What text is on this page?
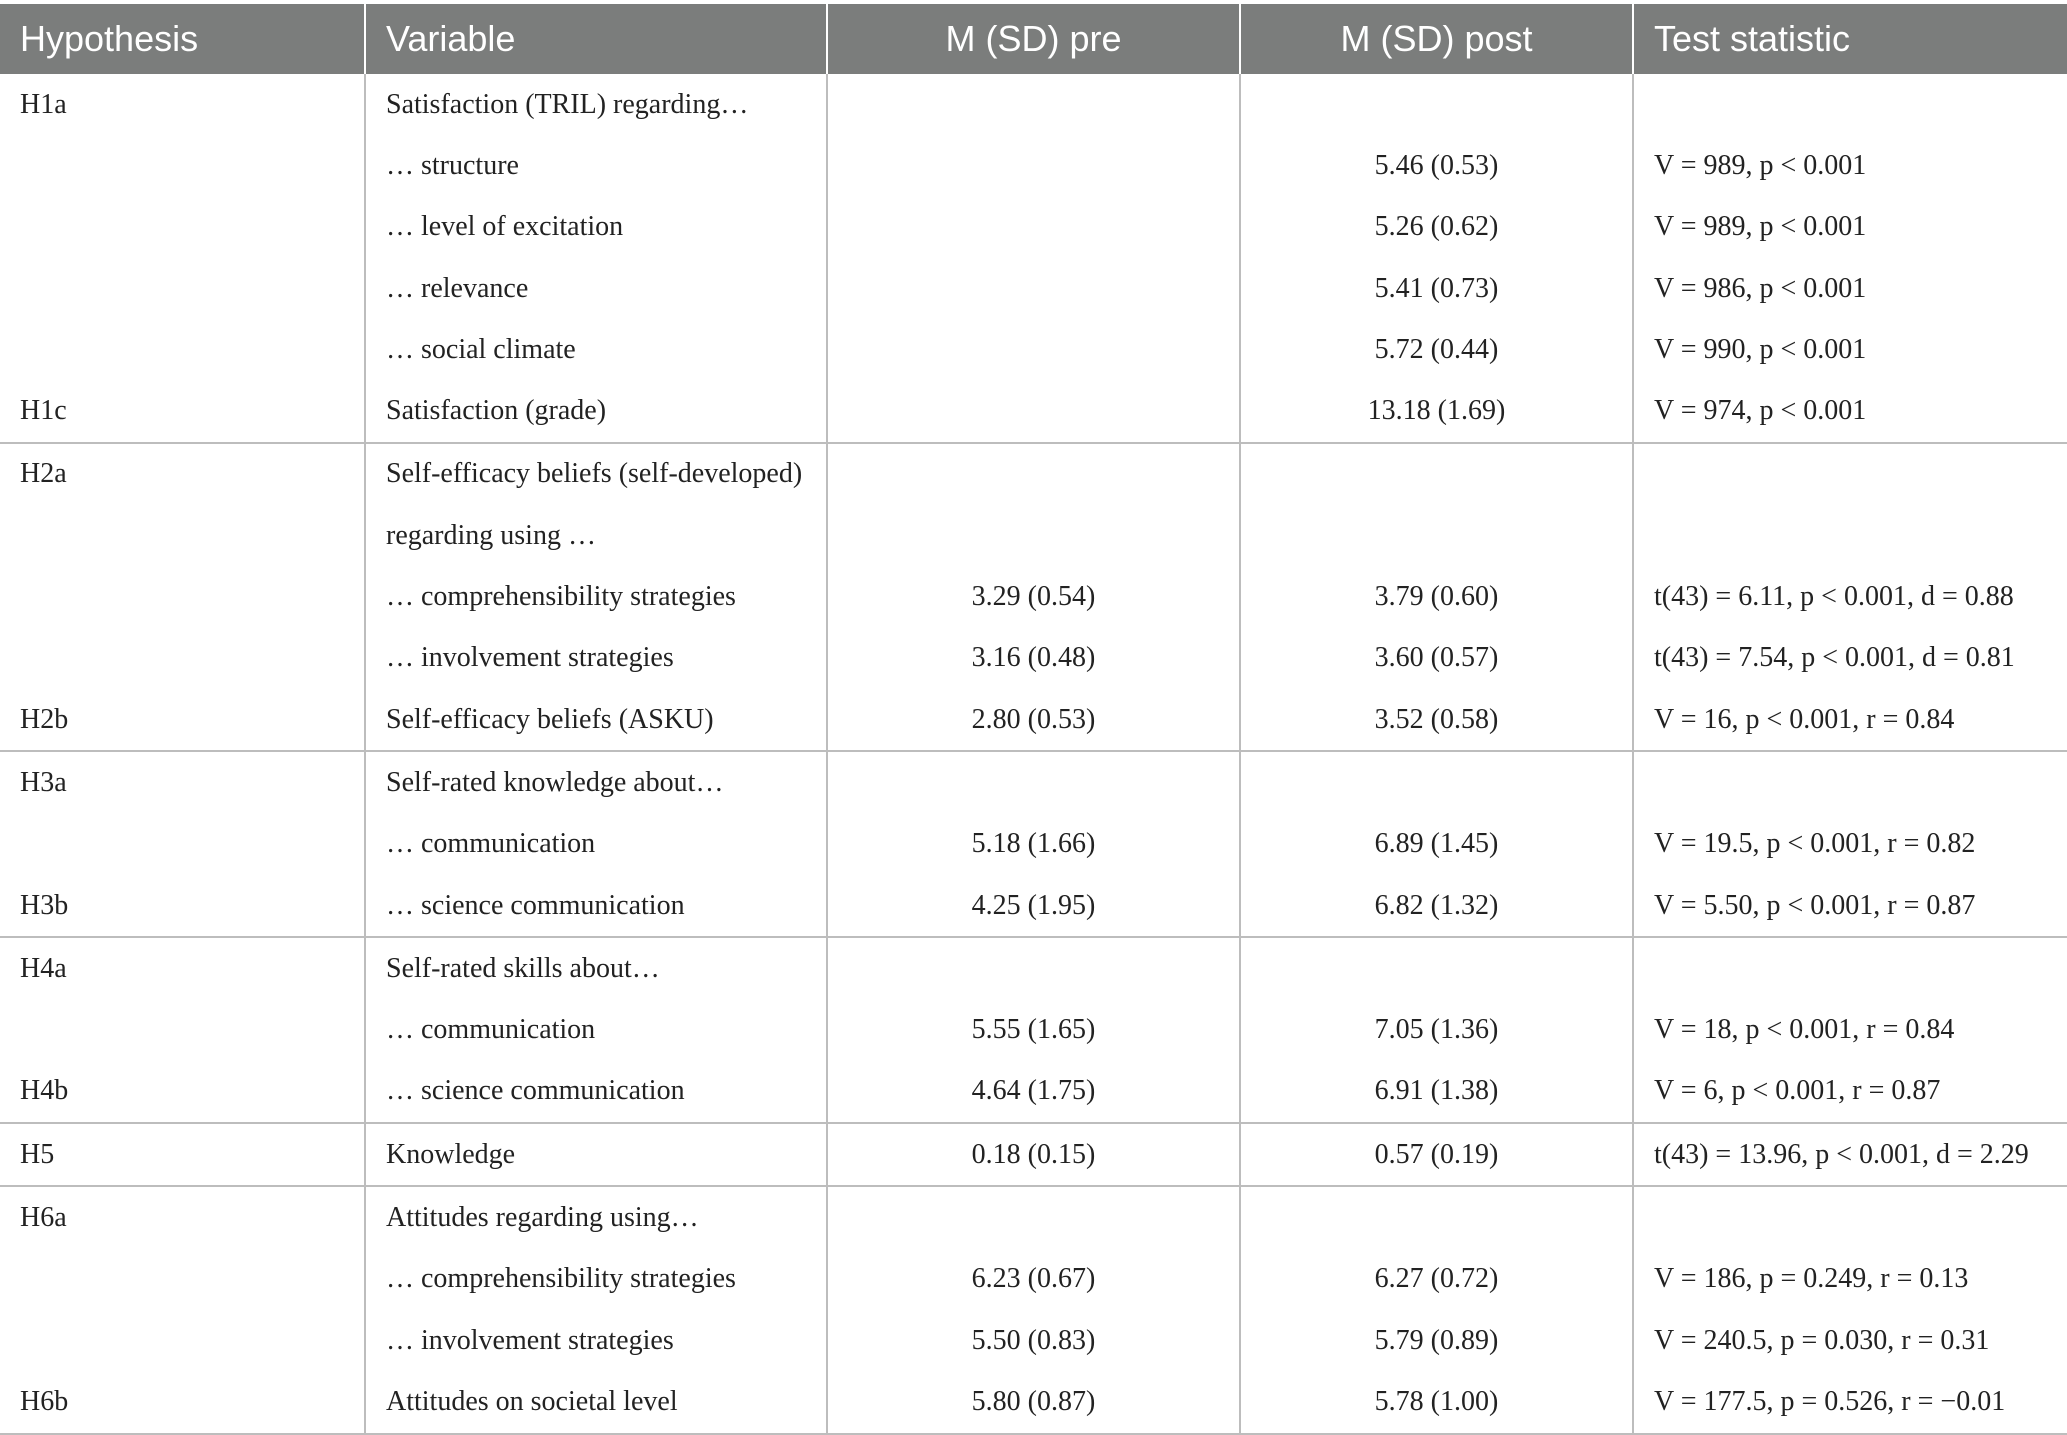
Hypothesis	Variable	M (SD) pre	M (SD) post	Test statistic
H1a	Satisfaction (TRIL) regarding…			
	… structure		5.46 (0.53)	V = 989, p < 0.001
	… level of excitation		5.26 (0.62)	V = 989, p < 0.001
	… relevance		5.41 (0.73)	V = 986, p < 0.001
	… social climate		5.72 (0.44)	V = 990, p < 0.001
H1c	Satisfaction (grade)		13.18 (1.69)	V = 974, p < 0.001
H2a	Self-efficacy beliefs (self-developed)			
	regarding using …			
	… comprehensibility strategies	3.29 (0.54)	3.79 (0.60)	t(43) = 6.11, p < 0.001, d = 0.88
	… involvement strategies	3.16 (0.48)	3.60 (0.57)	t(43) = 7.54, p < 0.001, d = 0.81
H2b	Self-efficacy beliefs (ASKU)	2.80 (0.53)	3.52 (0.58)	V = 16, p < 0.001, r = 0.84
H3a	Self-rated knowledge about…			
	… communication	5.18 (1.66)	6.89 (1.45)	V = 19.5, p < 0.001, r = 0.82
H3b	… science communication	4.25 (1.95)	6.82 (1.32)	V = 5.50, p < 0.001, r = 0.87
H4a	Self-rated skills about…			
	… communication	5.55 (1.65)	7.05 (1.36)	V = 18, p < 0.001, r = 0.84
H4b	… science communication	4.64 (1.75)	6.91 (1.38)	V = 6, p < 0.001, r = 0.87
H5	Knowledge	0.18 (0.15)	0.57 (0.19)	t(43) = 13.96, p < 0.001, d = 2.29
H6a	Attitudes regarding using…			
	… comprehensibility strategies	6.23 (0.67)	6.27 (0.72)	V = 186, p = 0.249, r = 0.13
	… involvement strategies	5.50 (0.83)	5.79 (0.89)	V = 240.5, p = 0.030, r = 0.31
H6b	Attitudes on societal level	5.80 (0.87)	5.78 (1.00)	V = 177.5, p = 0.526, r = −0.01
